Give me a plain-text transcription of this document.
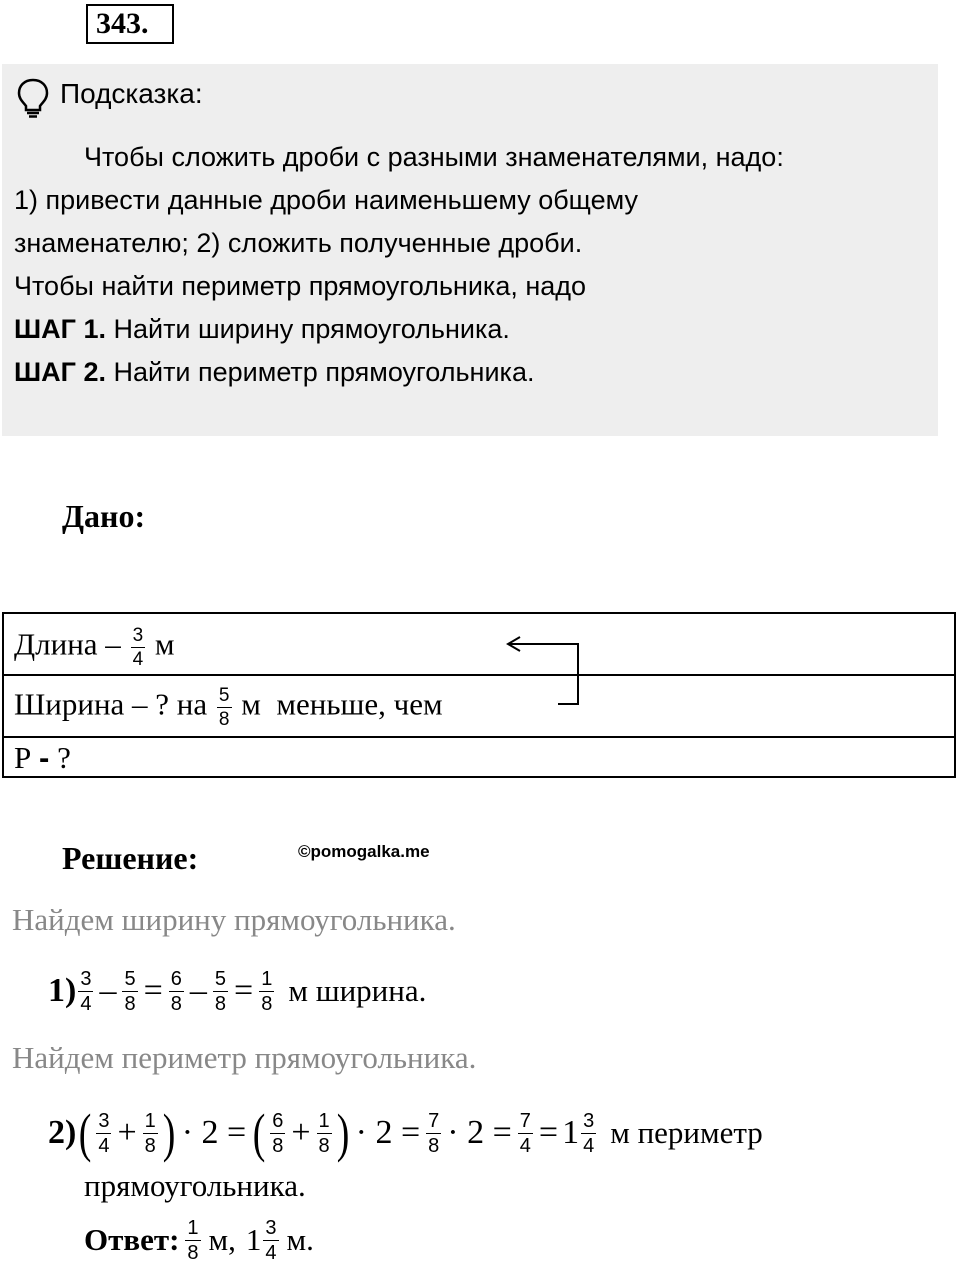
343.
Подсказка:
Чтобы сложить дроби с разными знаменателями, надо:
1) привести данные дроби наименьшему общему
знаменателю; 2) сложить полученные дроби.
Чтобы найти периметр прямоугольника, надо
ШАГ 1. Найти ширину прямоугольника.
ШАГ 2. Найти периметр прямоугольника.
Дано:
Длина – $\frac{3}{4}$ м
Ширина – ? на $\frac{5}{8}$ м меньше, чем
Р - ?
Решение:	©pomogalka.me
Найдем ширину прямоугольника.
$1) \frac{3}{4} - \frac{5}{8} = \frac{6}{8} - \frac{5}{8} = \frac{1}{8}$ м ширина.
Найдем периметр прямоугольника.
2) ( $\frac{3}{4} + \frac{1}{8}$ ) · 2 = ( $\frac{6}{8} + \frac{1}{8}$ ) · $2 = \frac{7}{8} \cdot 2 = \frac{7}{4} = 1 \frac{3}{4}$ м периметр
прямоугольника.
Ответ: $\frac{1}{8} м$, $1 \frac{3}{4} м$.
